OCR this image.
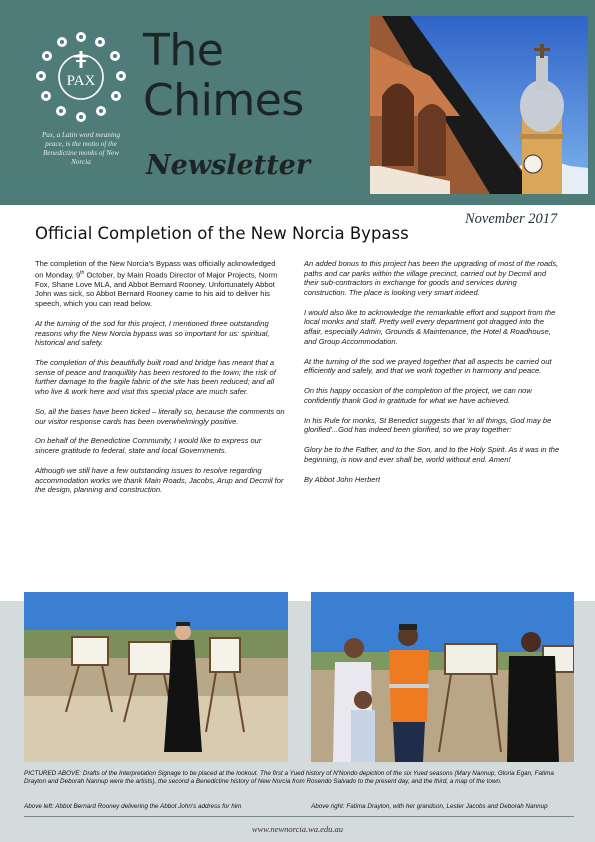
PAX
Pax, a Latin word meaning peace, is the motto of the Benedictine monks of New Norcia
The
Chimes
Newsletter
November 2017
Official Completion of the New Norcia Bypass

The completion of the New Norcia's Bypass was officially acknowledged on Monday, 9th October, by Main Roads Director of Major Projects, Norm Fox, Shane Love MLA, and Abbot Bernard Rooney. Unfortunately Abbot John was sick, so Abbot Bernard Rooney came to his aid to deliver his speech, which you can read below.

At the turning of the sod for this project, I mentioned three outstanding reasons why the New Norcia bypass was so important for us: spiritual, historical and safety.

The completion of this beautifully built road and bridge has meant that a sense of peace and tranquillity has been restored to the town; the risk of further damage to the fragile fabric of the site has been reduced; and all who live & work here and visit this special place are much safer.

So, all the bases have been ticked – literally so, because the comments on our visitor response cards has been overwhelmingly positive.

On behalf of the Benedictine Community, I would like to express our sincere gratitude to federal, state and local Governments.

Although we still have a few outstanding issues to resolve regarding accommodation works we thank Main Roads, Jacobs, Arup and Decmil for the design, planning and construction.

An added bonus to this project has been the upgrading of most of the roads, paths and car parks within the village precinct, carried out by Decmil and their sub-contractors in exchange for goods and services during construction. The place is looking very smart indeed.

I would also like to acknowledge the remarkable effort and support from the local monks and staff. Pretty well every department got dragged into the affair, especially Admin, Grounds & Maintenance, the Hotel & Roadhouse, and Group Accommodation.

At the turning of the sod we prayed together that all aspects be carried out efficiently and safely, and that we work together in harmony and peace.

On this happy occasion of the completion of the project, we can now confidently thank God in gratitude for what we have achieved.

In his Rule for monks, St Benedict suggests that 'in all things, God may be glorified'...God has indeed been glorified, so we pray together:

Glory be to the Father, and to the Son, and to the Holy Spirit. As it was in the beginning, is now and ever shall be, world without end. Amen!

By Abbot John Herbert

PICTURED ABOVE: Drafts of the Interpretation Signage to be placed at the lookout. The first a Yued history of N'Nondo depiction of the six Yued seasons (Mary Nannup, Gloria Egan, Fatima Drayton and Deborah Nannup were the artists), the second a Benedictine history of New Norcia from Rosendo Salvado to the present day, and the third, a map of the town.
Above left: Abbot Bernard Rooney delivering the Abbot John's address for him	Above right: Fatima Drayton, with her grandson, Lester Jacobs and Deborah Nannup
www.newnorcia.wa.edu.au
